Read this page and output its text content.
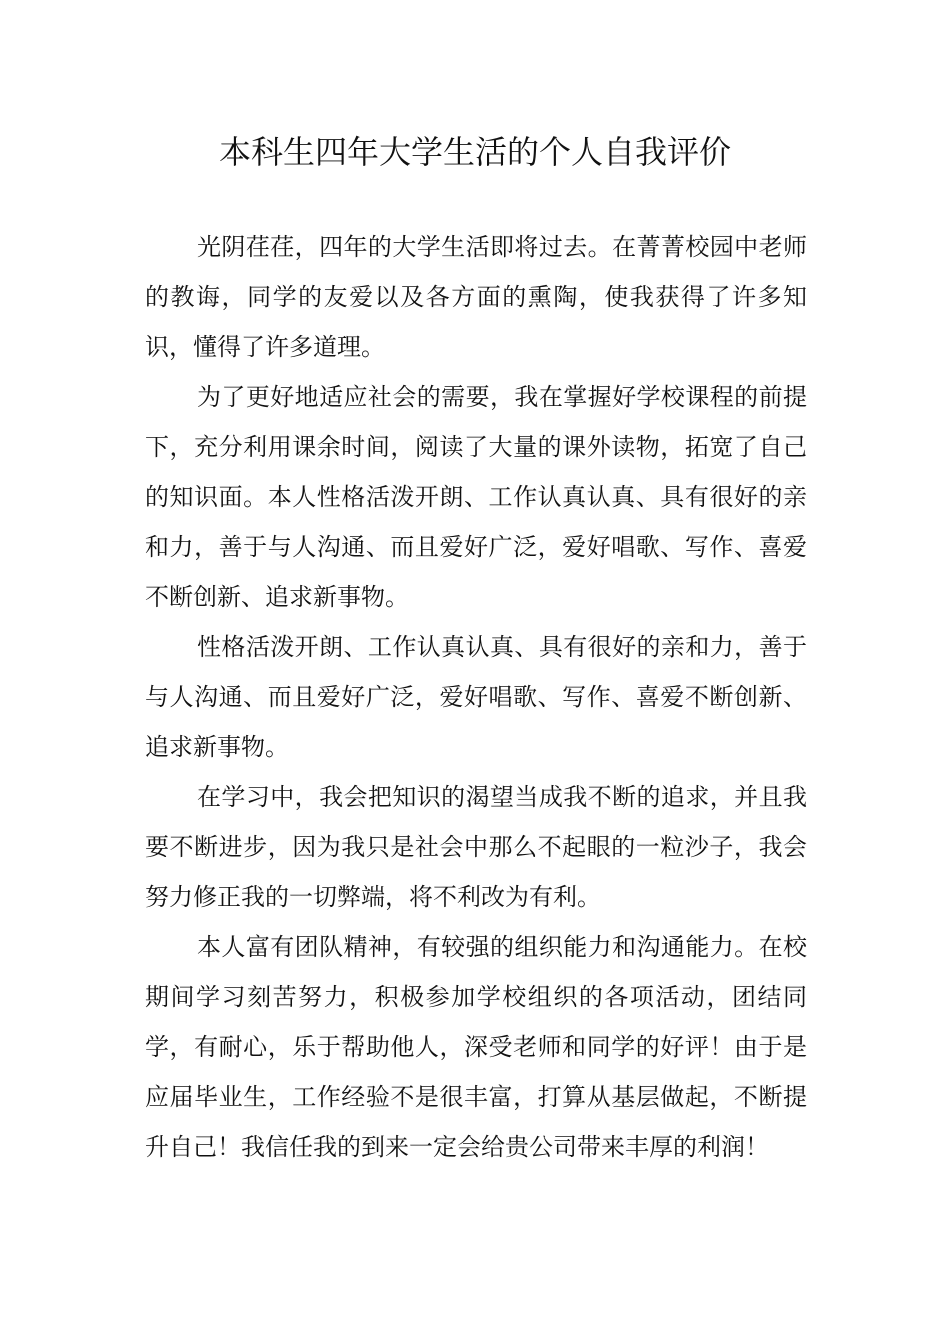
本科生四年大学生活的个人自我评价

光阴荏荏，四年的大学生活即将过去。在菁菁校园中老师的教诲，同学的友爱以及各方面的熏陶，使我获得了许多知识，懂得了许多道理。

为了更好地适应社会的需要，我在掌握好学校课程的前提下，充分利用课余时间，阅读了大量的课外读物，拓宽了自己的知识面。本人性格活泼开朗、工作认真认真、具有很好的亲和力，善于与人沟通、而且爱好广泛，爱好唱歌、写作、喜爱不断创新、追求新事物。

性格活泼开朗、工作认真认真、具有很好的亲和力，善于与人沟通、而且爱好广泛，爱好唱歌、写作、喜爱不断创新、追求新事物。

在学习中，我会把知识的渴望当成我不断的追求，并且我要不断进步，因为我只是社会中那么不起眼的一粒沙子，我会努力修正我的一切弊端，将不利改为有利。

本人富有团队精神，有较强的组织能力和沟通能力。在校期间学习刻苦努力，积极参加学校组织的各项活动，团结同学，有耐心，乐于帮助他人，深受老师和同学的好评！由于是应届毕业生，工作经验不是很丰富，打算从基层做起，不断提升自己！我信任我的到来一定会给贵公司带来丰厚的利润！
